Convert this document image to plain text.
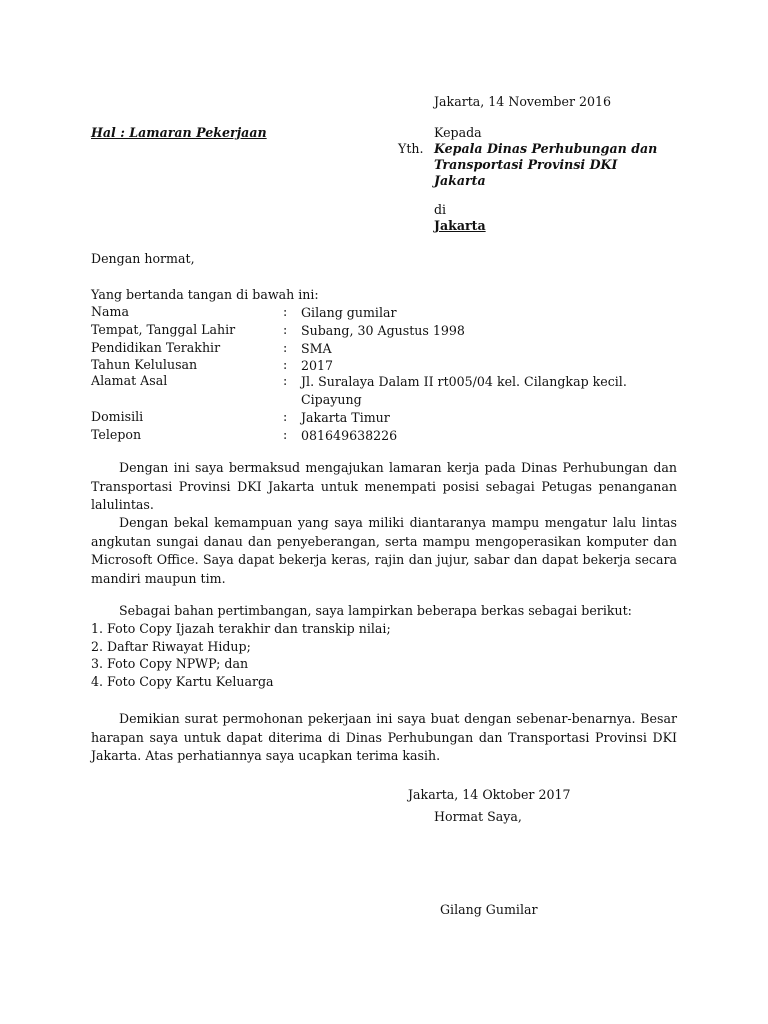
Jakarta, 14 November 2016
Hal : Lamaran Pekerjaan	Kepada
Yth. Kepala Dinas Perhubungan dan
Transportasi Provinsi DKI
Jakarta
di
Jakarta
Dengan hormat,
Yang bertanda tangan di bawah ini:
Nama	: Gilang gumilar
Tempat, Tanggal Lahir	: Subang, 30 Agustus 1998
Pendidikan Terakhir	: SMA
Tahun Kelulusan	: 2017
Alamat Asal	: Jl. Suralaya Dalam II rt005/04 kel. Cilangkap kecil. Cipayung
Domisili	: Jakarta Timur
Telepon	: 081649638226
Dengan ini saya bermaksud mengajukan lamaran kerja pada Dinas Perhubungan dan Transportasi Provinsi DKI Jakarta untuk menempati posisi sebagai Petugas penanganan lalulintas.
Dengan bekal kemampuan yang saya miliki diantaranya mampu mengatur lalu lintas angkutan sungai danau dan penyeberangan, serta mampu mengoperasikan komputer dan Microsoft Office. Saya dapat bekerja keras, rajin dan jujur, sabar dan dapat bekerja secara mandiri maupun tim.
Sebagai bahan pertimbangan, saya lampirkan beberapa berkas sebagai berikut:
1. Foto Copy Ijazah terakhir dan transkip nilai;
2. Daftar Riwayat Hidup;
3. Foto Copy NPWP; dan
4. Foto Copy Kartu Keluarga
Demikian surat permohonan pekerjaan ini saya buat dengan sebenar-benarnya. Besar harapan saya untuk dapat diterima di Dinas Perhubungan dan Transportasi Provinsi DKI Jakarta. Atas perhatiannya saya ucapkan terima kasih.
Jakarta, 14 Oktober 2017
Hormat Saya,
Gilang Gumilar
